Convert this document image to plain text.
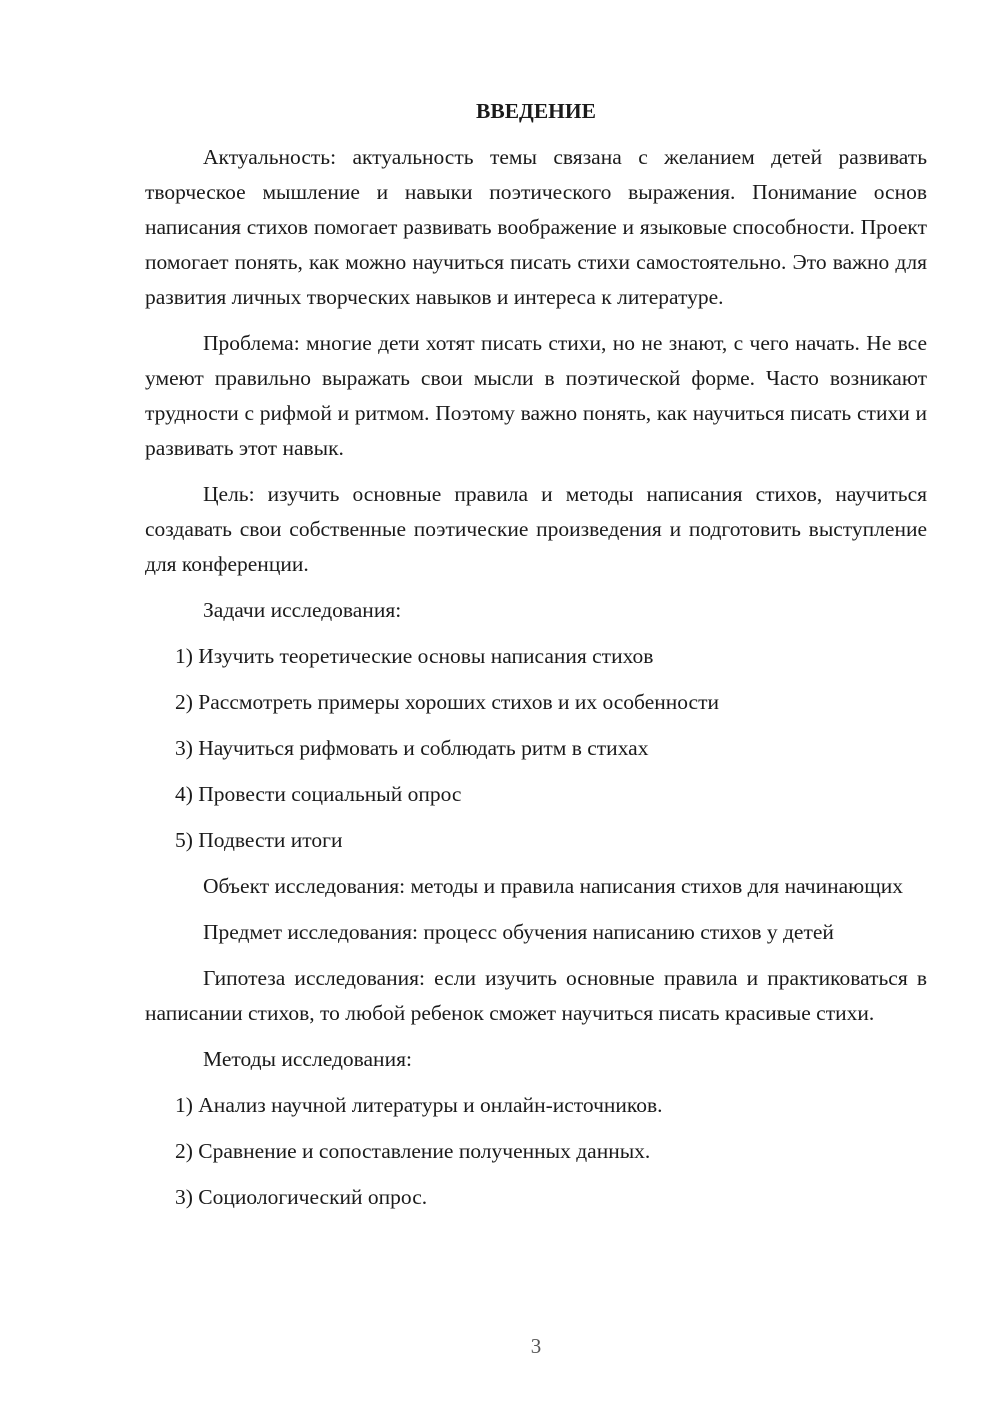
ВВЕДЕНИЕ

Актуальность: актуальность темы связана с желанием детей развивать творческое мышление и навыки поэтического выражения. Понимание основ написания стихов помогает развивать воображение и языковые способности. Проект помогает понять, как можно научиться писать стихи самостоятельно. Это важно для развития личных творческих навыков и интереса к литературе.

Проблема: многие дети хотят писать стихи, но не знают, с чего начать. Не все умеют правильно выражать свои мысли в поэтической форме. Часто возникают трудности с рифмой и ритмом. Поэтому важно понять, как научиться писать стихи и развивать этот навык.

Цель: изучить основные правила и методы написания стихов, научиться создавать свои собственные поэтические произведения и подготовить выступление для конференции.

Задачи исследования:

1) Изучить теоретические основы написания стихов
2) Рассмотреть примеры хороших стихов и их особенности
3) Научиться рифмовать и соблюдать ритм в стихах
4) Провести социальный опрос
5) Подвести итоги

Объект исследования: методы и правила написания стихов для начинающих

Предмет исследования: процесс обучения написанию стихов у детей

Гипотеза исследования: если изучить основные правила и практиковаться в написании стихов, то любой ребенок сможет научиться писать красивые стихи.

Методы исследования:

1) Анализ научной литературы и онлайн-источников.
2) Сравнение и сопоставление полученных данных.
3) Социологический опрос.
3
